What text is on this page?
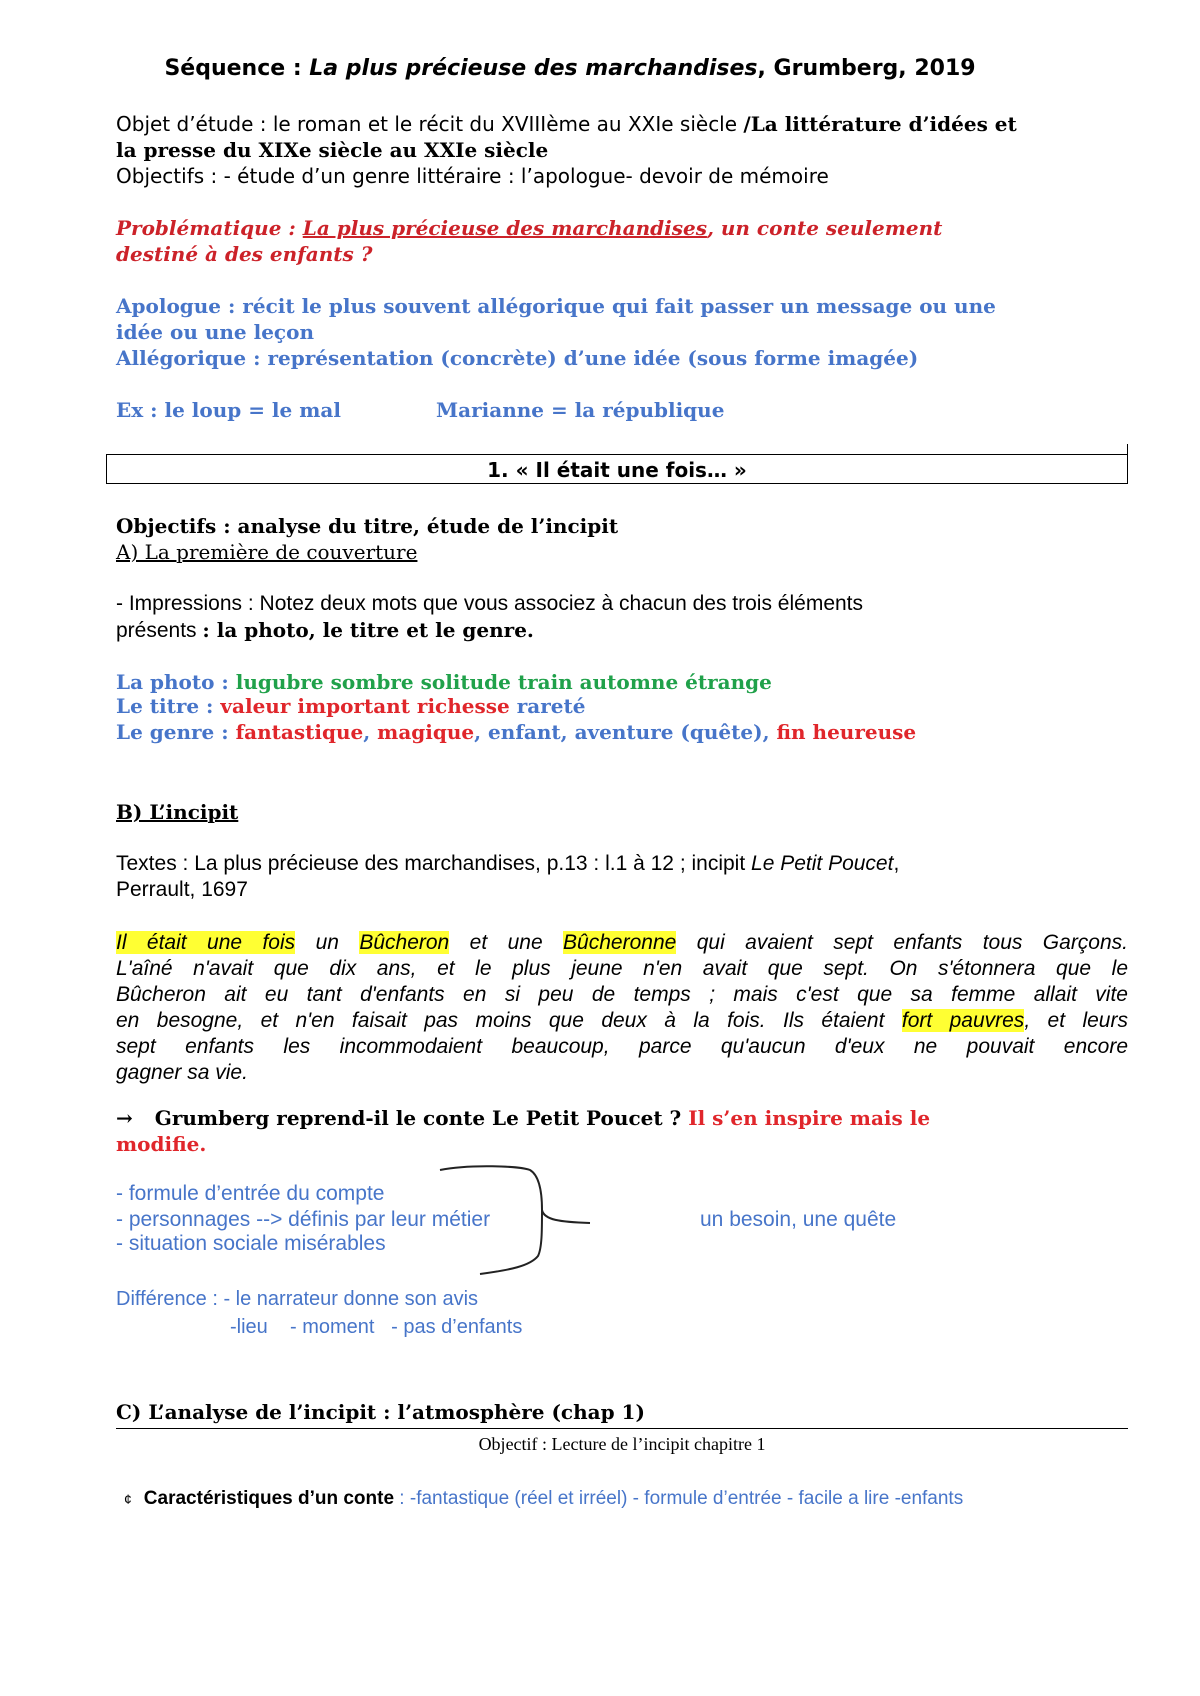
Séquence : La plus précieuse des marchandises, Grumberg, 2019
Objet d’étude : le roman et le récit du XVIIIème au XXIe siècle /La littérature d’idées et
la presse du XIXe siècle au XXIe siècle
Objectifs : - étude d’un genre littéraire : l’apologue- devoir de mémoire
Problématique : La plus précieuse des marchandises, un conte seulement
destiné à des enfants ?
Apologue : récit le plus souvent allégorique qui fait passer un message ou une
idée ou une leçon
Allégorique : représentation (concrète) d’une idée (sous forme imagée)
Ex : le loup = le mal	Marianne = la république
1. « Il était une fois… »
Objectifs : analyse du titre, étude de l’incipit
A) La première de couverture
- Impressions : Notez deux mots que vous associez à chacun des trois éléments
présents : la photo, le titre et le genre.
La photo : lugubre sombre solitude train automne étrange
Le titre : valeur important richesse rareté
Le genre : fantastique, magique, enfant, aventure (quête), fin heureuse
B) L’incipit
Textes : La plus précieuse des marchandises, p.13 : l.1 à 12 ; incipit Le Petit Poucet,
Perrault, 1697
Il était une fois un Bûcheron et une Bûcheronne qui avaient sept enfants tous Garçons.
L'aîné n'avait que dix ans, et le plus jeune n'en avait que sept. On s'étonnera que le
Bûcheron ait eu tant d'enfants en si peu de temps ; mais c'est que sa femme allait vite
en besogne, et n'en faisait pas moins que deux à la fois. Ils étaient fort pauvres, et leurs
sept enfants les incommodaient beaucoup, parce qu'aucun d'eux ne pouvait encore
gagner sa vie.
→ Grumberg reprend-il le conte Le Petit Poucet ? Il s’en inspire mais le
modifie.
- formule d’entrée du compte
- personnages --> définis par leur métier
- situation sociale misérables
un besoin, une quête
Différence : - le narrateur donne son avis
-lieu    - moment   - pas d’enfants
C) L’analyse de l’incipit : l’atmosphère (chap 1)
Objectif : Lecture de l’incipit chapitre 1
¢ Caractéristiques d’un conte : -fantastique (réel et irréel) - formule d’entrée - facile a lire -enfants
